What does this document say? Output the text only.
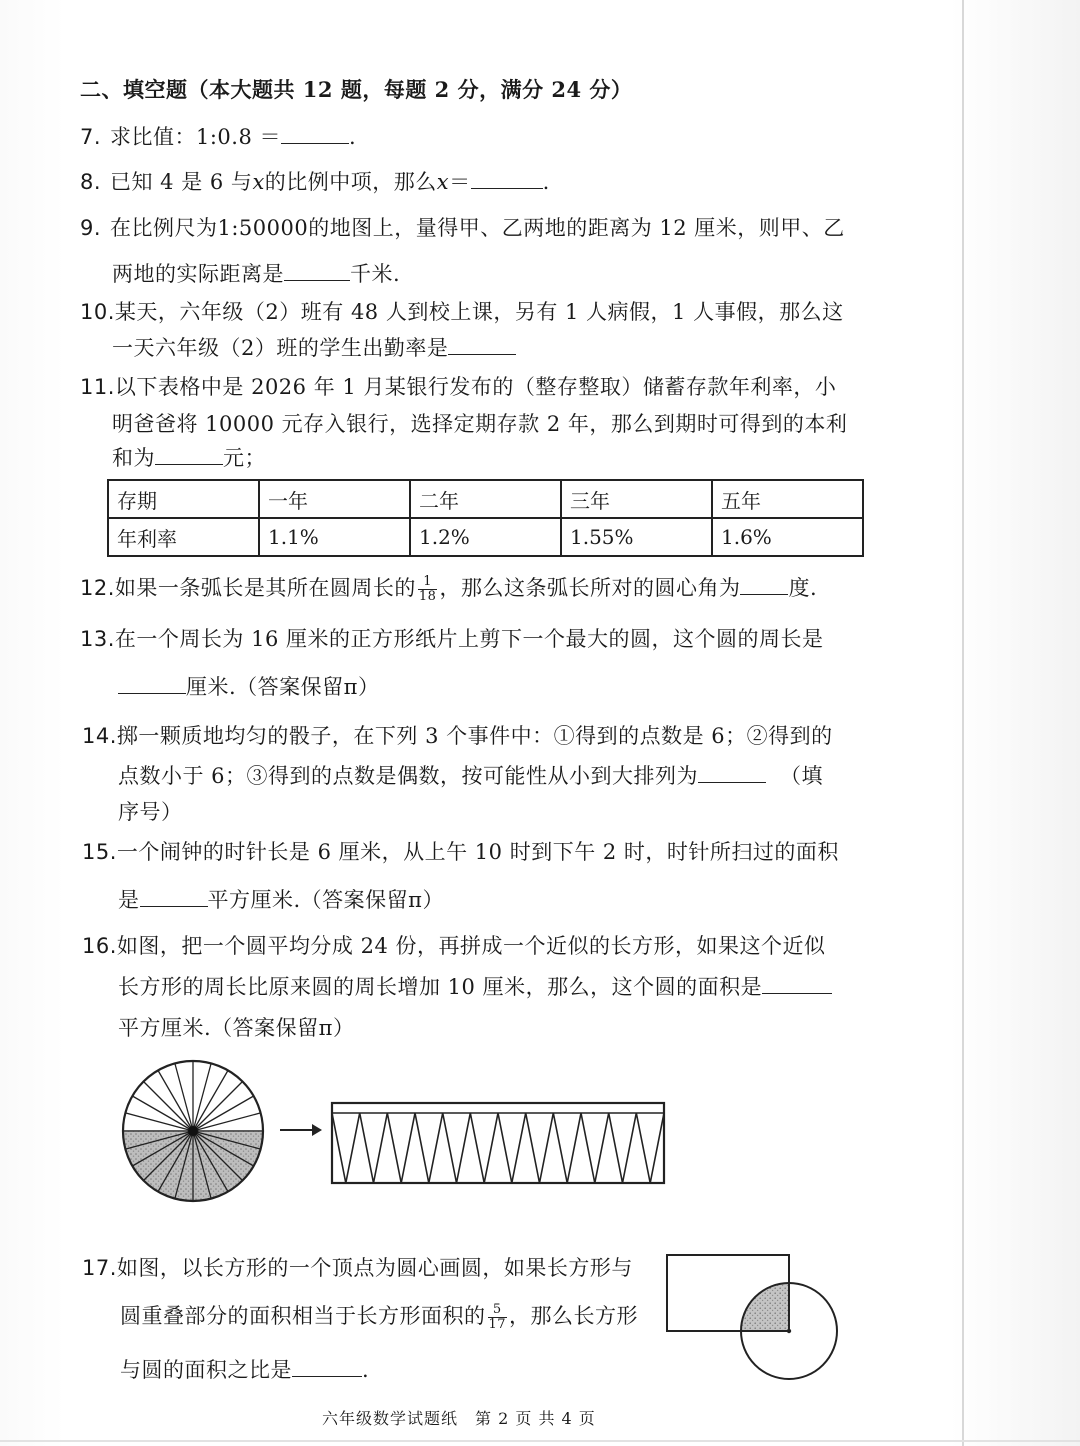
二、填空题（本大题共 12 题，每题 2 分，满分 24 分）
7. 求比值：1:0.8 ＝	.
8. 已知 4 是 6 与x的比例中项，那么x＝	.
9. 在比例尺为1:50000的地图上，量得甲、乙两地的距离为 12 厘米，则甲、乙
两地的实际距离是	千米.
10.某天，六年级（2）班有 48 人到校上课，另有 1 人病假，1 人事假，那么这
一天六年级（2）班的学生出勤率是
11.以下表格中是 2026 年 1 月某银行发布的（整存整取）储蓄存款年利率，小
明爸爸将 10000 元存入银行，选择定期存款 2 年，那么到期时可得到的本利
和为	元；
存期	一年	二年	三年	五年
年利率	1.1%	1.2%	1.55%	1.6%
12.如果一条弧长是其所在圆周长的 $\frac{1}{18}$ ，那么这条弧长所对的圆心角为 度.
13.在一个周长为 16 厘米的正方形纸片上剪下一个最大的圆，这个圆的周长是
厘米.（答案保留π）
14.掷一颗质地均匀的骰子，在下列 3 个事件中：①得到的点数是 6；②得到的
点数小于 6；③得到的点数是偶数，按可能性从小到大排列为	（填
序号）
15.一个闹钟的时针长是 6 厘米，从上午 10 时到下午 2 时，时针所扫过的面积
是	平方厘米.（答案保留π）
16.如图，把一个圆平均分成 24 份，再拼成一个近似的长方形，如果这个近似
长方形的周长比原来圆的周长增加 10 厘米，那么，这个圆的面积是
平方厘米.（答案保留π）
17.如图，以长方形的一个顶点为圆心画圆，如果长方形与
圆重叠部分的面积相当于长方形面积的 $\frac{5}{17}$ ，那么长方形
与圆的面积之比是	.
六年级数学试题纸　第 2 页 共 4 页
